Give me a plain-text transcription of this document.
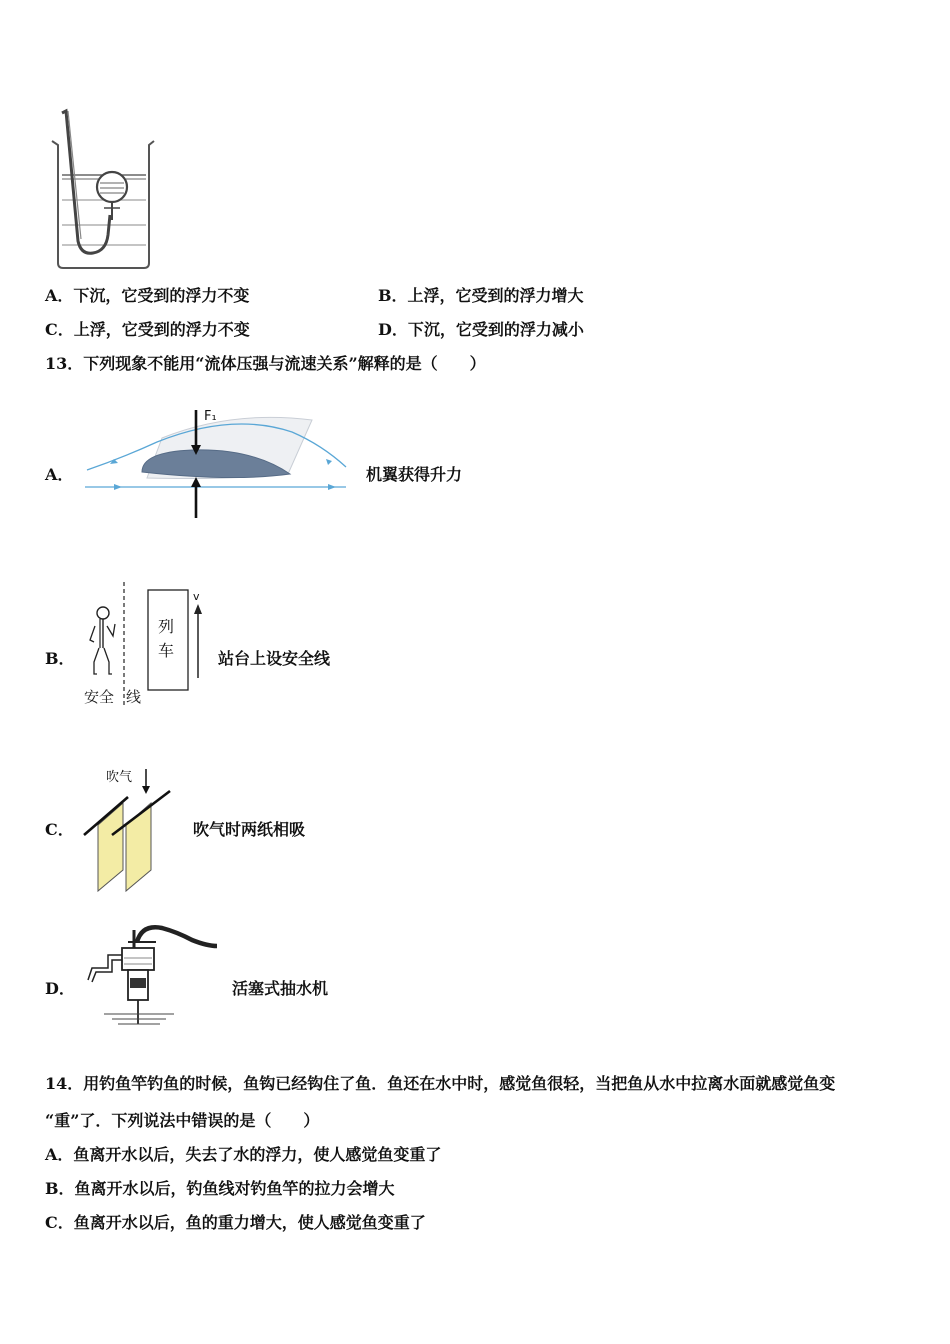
A．下沉，它受到的浮力不变	B．上浮，它受到的浮力增大
C．上浮，它受到的浮力不变	D．下沉，它受到的浮力减小
13．下列现象不能用“流体压强与流速关系”解释的是（　　）
A．
F₁
机翼获得升力
B．
列
车
v
安全 线
站台上设安全线
C．
吹气
吹气时两纸相吸
D．	活塞式抽水机
14．用钓鱼竿钓鱼的时候，鱼钩已经钩住了鱼．鱼还在水中时，感觉鱼很轻，当把鱼从水中拉离水面就感觉鱼变
“重”了．下列说法中错误的是（　　）
A．鱼离开水以后，失去了水的浮力，使人感觉鱼变重了
B．鱼离开水以后，钓鱼线对钓鱼竿的拉力会增大
C．鱼离开水以后，鱼的重力增大，使人感觉鱼变重了
